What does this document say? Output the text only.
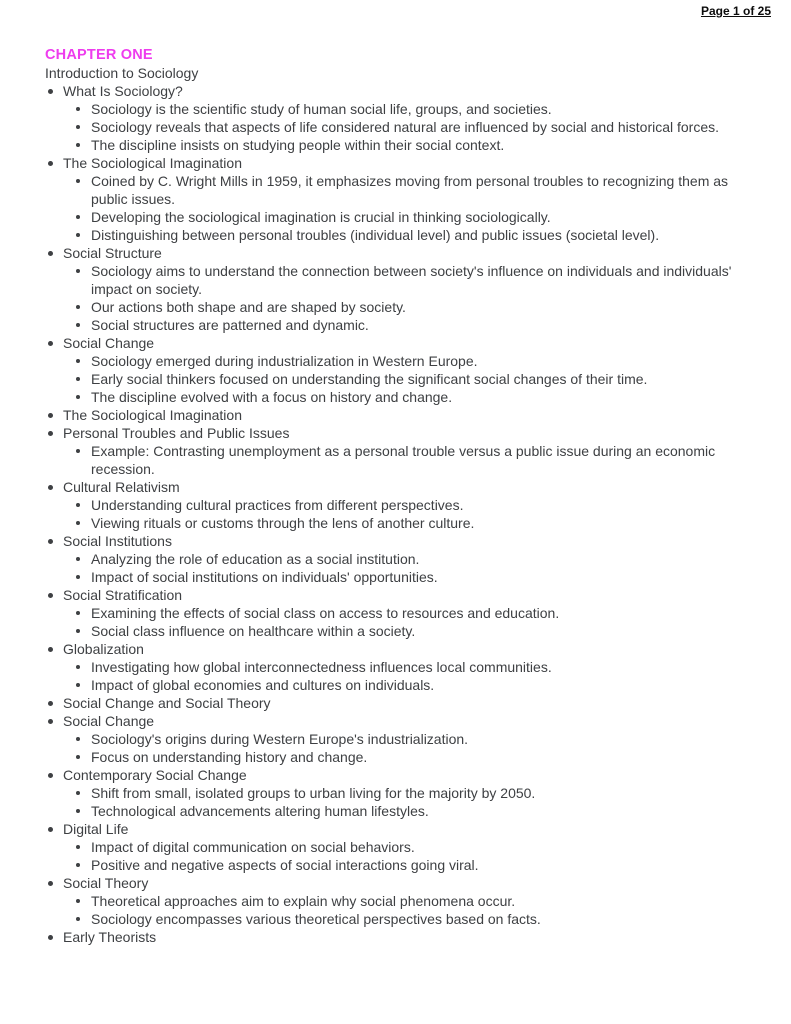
Page 1 of 25
CHAPTER ONE
Introduction to Sociology
What Is Sociology?
Sociology is the scientific study of human social life, groups, and societies.
Sociology reveals that aspects of life considered natural are influenced by social and historical forces.
The discipline insists on studying people within their social context.
The Sociological Imagination
Coined by C. Wright Mills in 1959, it emphasizes moving from personal troubles to recognizing them as public issues.
Developing the sociological imagination is crucial in thinking sociologically.
Distinguishing between personal troubles (individual level) and public issues (societal level).
Social Structure
Sociology aims to understand the connection between society's influence on individuals and individuals' impact on society.
Our actions both shape and are shaped by society.
Social structures are patterned and dynamic.
Social Change
Sociology emerged during industrialization in Western Europe.
Early social thinkers focused on understanding the significant social changes of their time.
The discipline evolved with a focus on history and change.
The Sociological Imagination
Personal Troubles and Public Issues
Example: Contrasting unemployment as a personal trouble versus a public issue during an economic recession.
Cultural Relativism
Understanding cultural practices from different perspectives.
Viewing rituals or customs through the lens of another culture.
Social Institutions
Analyzing the role of education as a social institution.
Impact of social institutions on individuals' opportunities.
Social Stratification
Examining the effects of social class on access to resources and education.
Social class influence on healthcare within a society.
Globalization
Investigating how global interconnectedness influences local communities.
Impact of global economies and cultures on individuals.
Social Change and Social Theory
Social Change
Sociology's origins during Western Europe's industrialization.
Focus on understanding history and change.
Contemporary Social Change
Shift from small, isolated groups to urban living for the majority by 2050.
Technological advancements altering human lifestyles.
Digital Life
Impact of digital communication on social behaviors.
Positive and negative aspects of social interactions going viral.
Social Theory
Theoretical approaches aim to explain why social phenomena occur.
Sociology encompasses various theoretical perspectives based on facts.
Early Theorists
